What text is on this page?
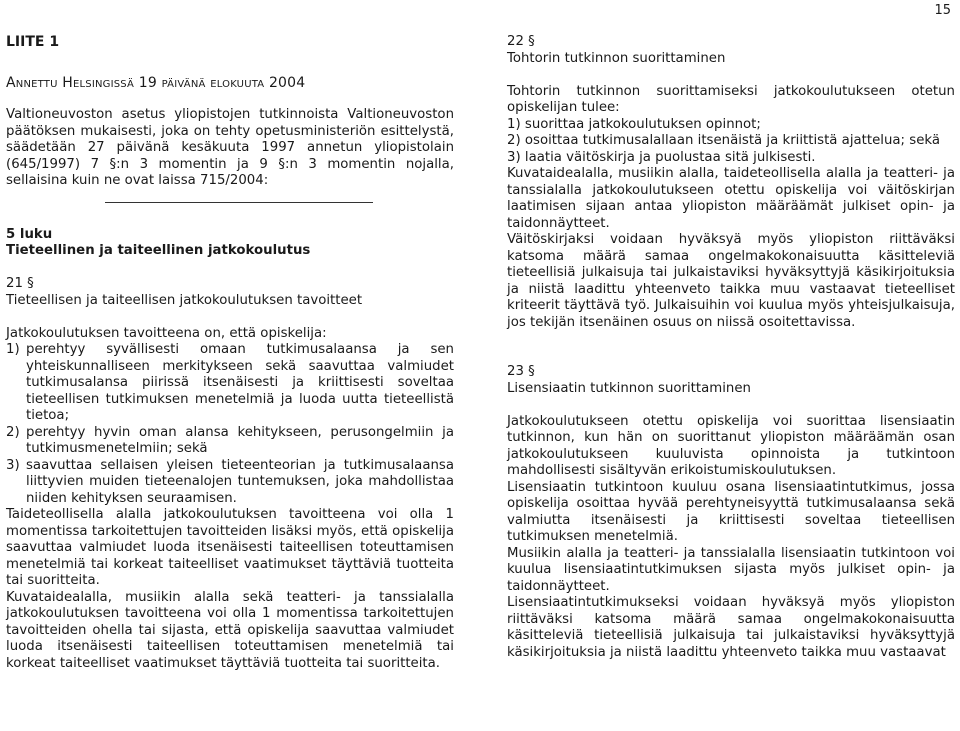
15
LIITE 1
Annettu Helsingissä 19 päivänä elokuuta 2004

Valtioneuvoston asetus yliopistojen tutkinnoista Valtioneuvoston päätöksen mukaisesti, joka on tehty opetusministeriön esittelystä, säädetään 27 päivänä kesäkuuta 1997 annetun yliopistolain (645/1997) 7 §:n 3 momentin ja 9 §:n 3 momentin nojalla, sellaisina kuin ne ovat laissa 715/2004:

5 luku
Tieteellinen ja taiteellinen jatkokoulutus
21 §
Tieteellisen ja taiteellisen jatkokoulutuksen tavoitteet

Jatkokoulutuksen tavoitteena on, että opiskelija:

1) perehtyy syvällisesti omaan tutkimusalaansa ja sen yhteiskunnalliseen merkitykseen sekä saavuttaa valmiudet tutkimusalansa piirissä itsenäisesti ja kriittisesti soveltaa tieteellisen tutkimuksen menetelmiä ja luoda uutta tieteellistä tietoa;
2) perehtyy hyvin oman alansa kehitykseen, perusongelmiin ja tutkimusmenetelmiin; sekä
3) saavuttaa sellaisen yleisen tieteenteorian ja tutkimusalaansa liittyvien muiden tieteenalojen tuntemuksen, joka mahdollistaa niiden kehityksen seuraamisen.

Taideteollisella alalla jatkokoulutuksen tavoitteena voi olla 1 momentissa tarkoitettujen tavoitteiden lisäksi myös, että opiskelija saavuttaa valmiudet luoda itsenäisesti taiteellisen toteuttamisen menetelmiä tai korkeat taiteelliset vaatimukset täyttäviä tuotteita tai suoritteita.

Kuvataidealalla, musiikin alalla sekä teatteri- ja tanssialalla jatkokoulutuksen tavoitteena voi olla 1 momentissa tarkoitettujen tavoitteiden ohella tai sijasta, että opiskelija saavuttaa valmiudet luoda itsenäisesti taiteellisen toteuttamisen menetelmiä tai korkeat taiteelliset vaatimukset täyttäviä tuotteita tai suoritteita.

22 §
Tohtorin tutkinnon suorittaminen

Tohtorin tutkinnon suorittamiseksi jatkokoulutukseen otetun opiskelijan tulee:

1) suorittaa jatkokoulutuksen opinnot;
2) osoittaa tutkimusalallaan itsenäistä ja kriittistä ajattelua; sekä
3) laatia väitöskirja ja puolustaa sitä julkisesti.

Kuvataidealalla, musiikin alalla, taideteollisella alalla ja teatteri- ja tanssialalla jatkokoulutukseen otettu opiskelija voi väitöskirjan laatimisen sijaan antaa yliopiston määräämät julkiset opin- ja taidonnäytteet.

Väitöskirjaksi voidaan hyväksyä myös yliopiston riittäväksi katsoma määrä samaa ongelmakokonaisuutta käsitteleviä tieteellisiä julkaisuja tai julkaistaviksi hyväksyttyjä käsikirjoituksia ja niistä laadittu yhteenveto taikka muu vastaavat tieteelliset kriteerit täyttävä työ. Julkaisuihin voi kuulua myös yhteisjulkaisuja, jos tekijän itsenäinen osuus on niissä osoitettavissa.

23 §
Lisensiaatin tutkinnon suorittaminen

Jatkokoulutukseen otettu opiskelija voi suorittaa lisensiaatin tutkinnon, kun hän on suorittanut yliopiston määräämän osan jatkokoulutukseen kuuluvista opinnoista ja tutkintoon mahdollisesti sisältyvän erikoistumiskoulutuksen.

Lisensiaatin tutkintoon kuuluu osana lisensiaatintutkimus, jossa opiskelija osoittaa hyvää perehtyneisyyttä tutkimusalaansa sekä valmiutta itsenäisesti ja kriittisesti soveltaa tieteellisen tutkimuksen menetelmiä.

Musiikin alalla ja teatteri- ja tanssialalla lisensiaatin tutkintoon voi kuulua lisensiaatintutkimuksen sijasta myös julkiset opin- ja taidonnäytteet.

Lisensiaatintutkimukseksi voidaan hyväksyä myös yliopiston riittäväksi katsoma määrä samaa ongelmakokonaisuutta käsitteleviä tieteellisiä julkaisuja tai julkaistaviksi hyväksyttyjä käsikirjoituksia ja niistä laadittu yhteenveto taikka muu vastaavat
